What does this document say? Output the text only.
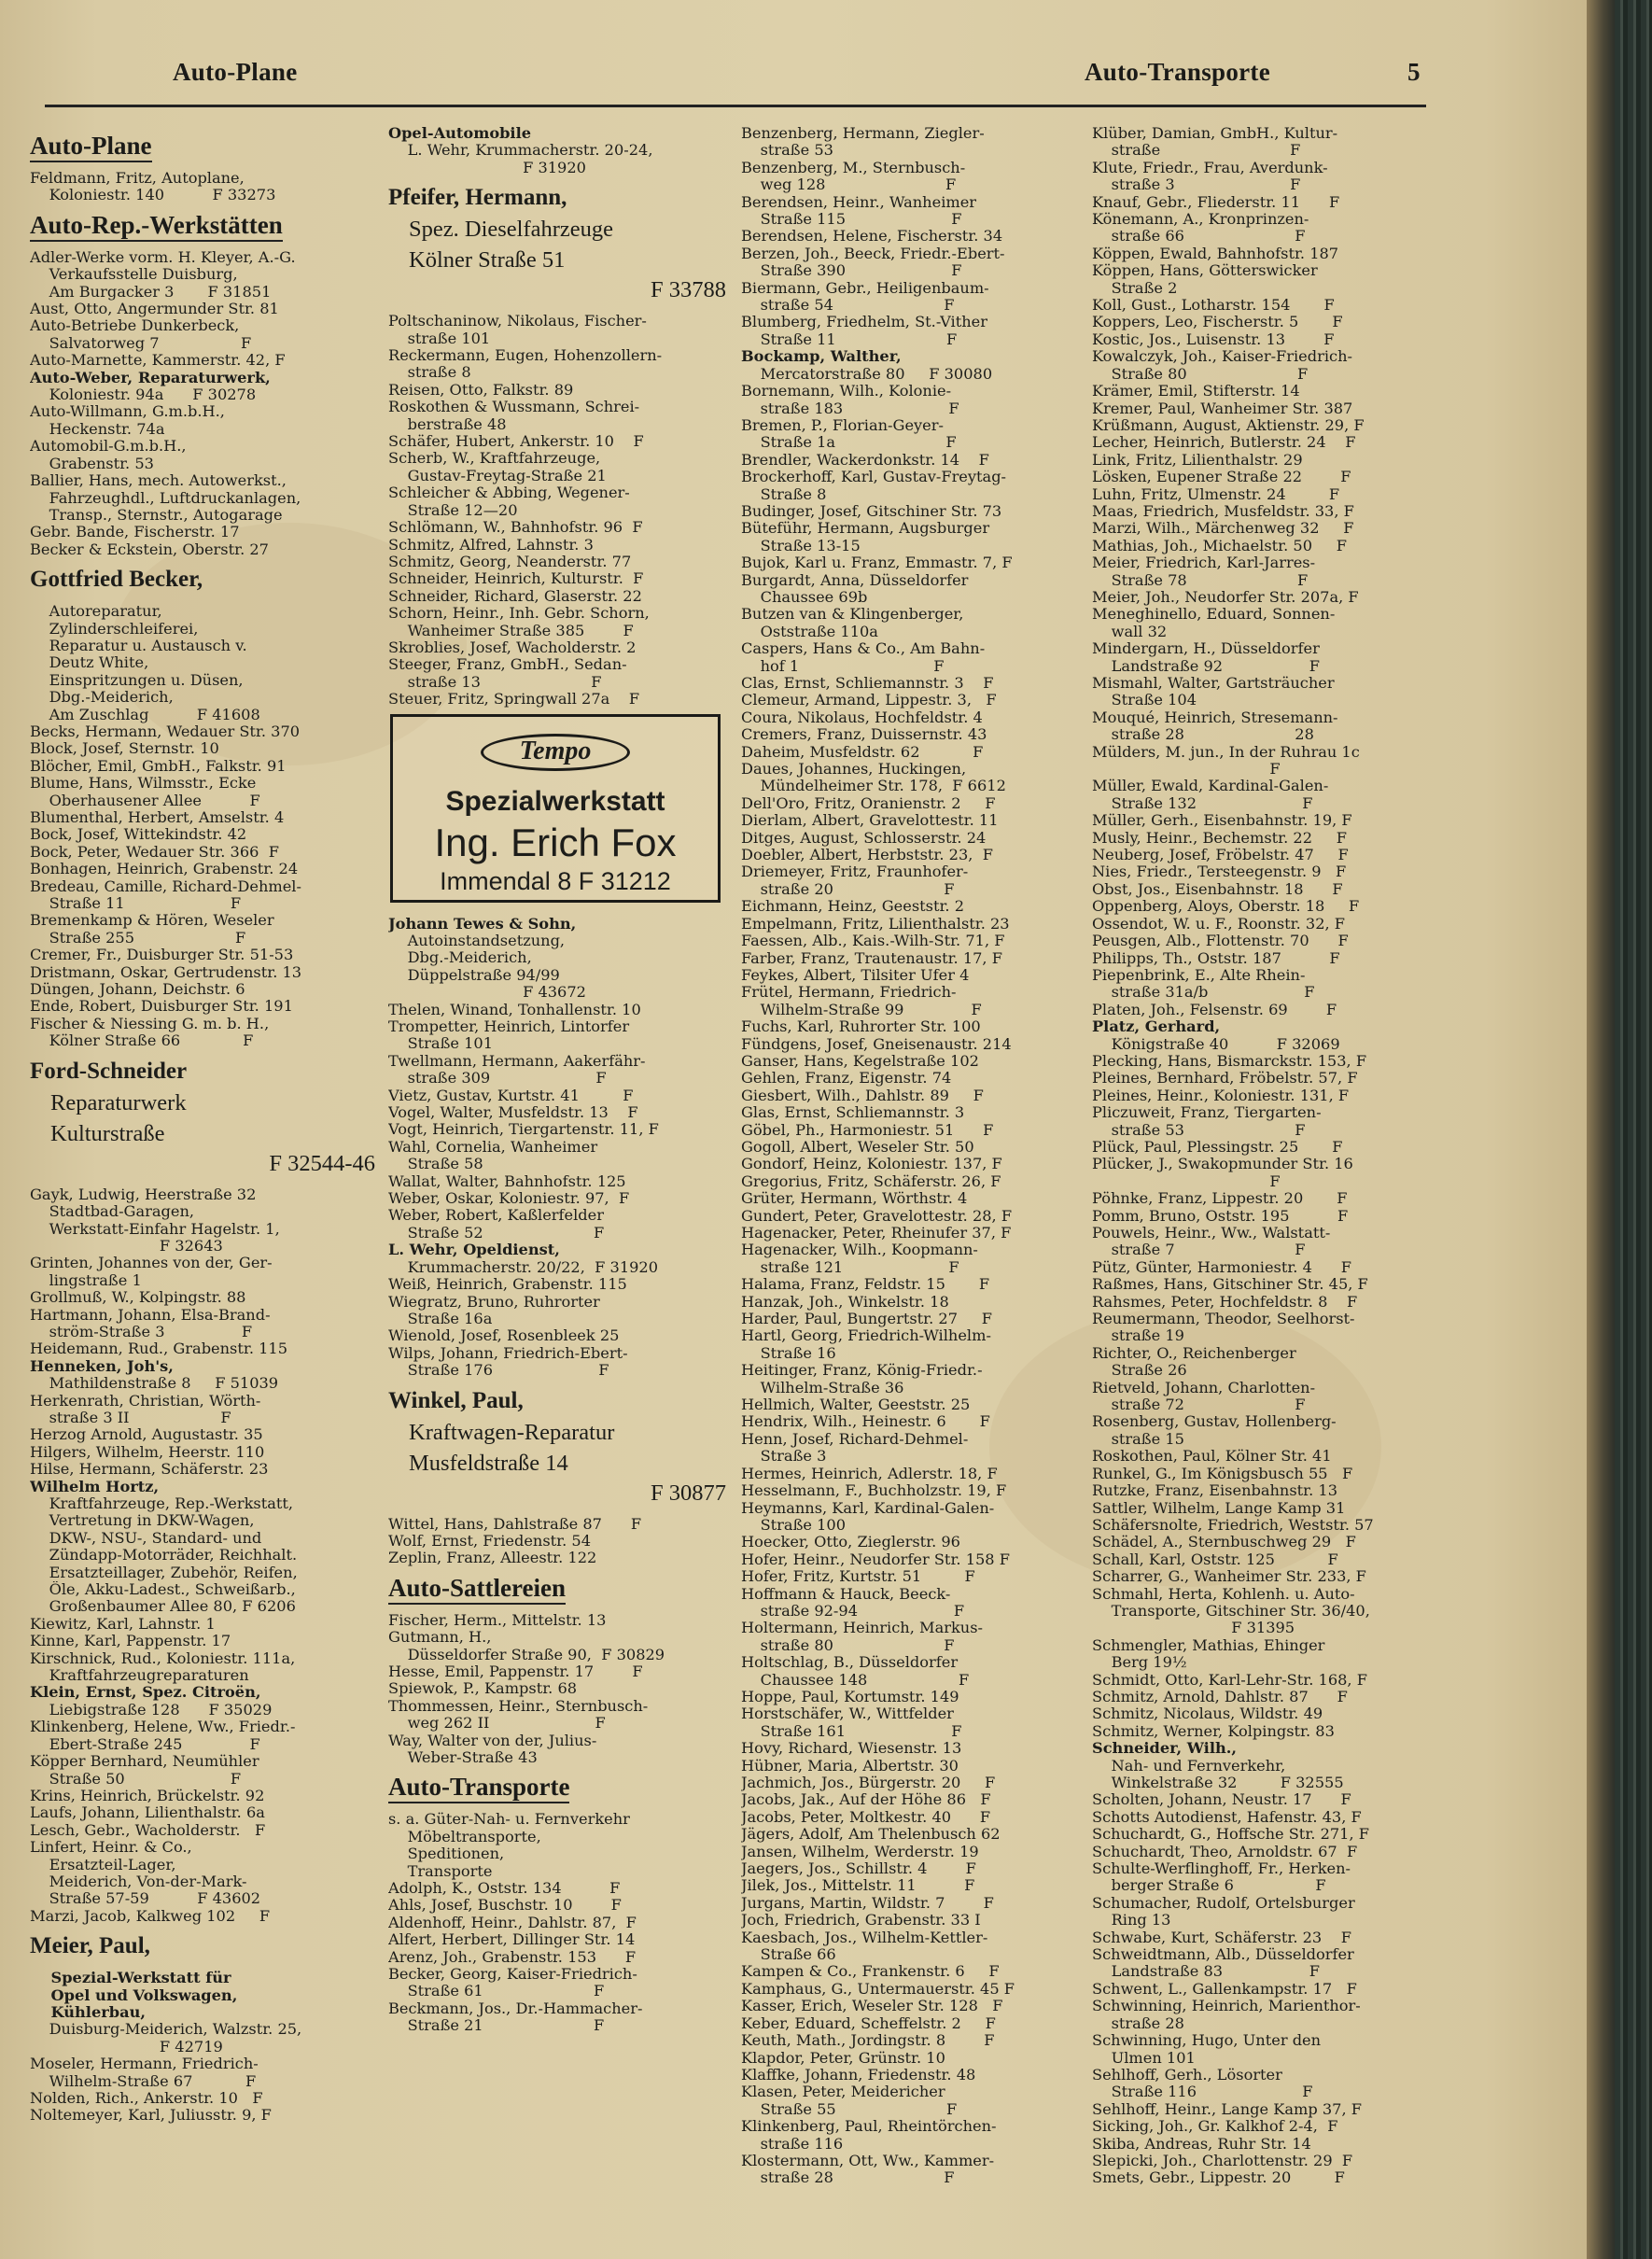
Auto-Plane	Auto-Transporte	5
Auto-Plane
Feldmann, Fritz, Autoplane,
Koloniestr. 140          F 33273
Auto-Rep.-Werkstätten
Adler-Werke vorm. H. Kleyer, A.-G.
Verkaufsstelle Duisburg,
Am Burgacker 3       F 31851
Aust, Otto, Angermunder Str. 81
Auto-Betriebe Dunkerbeck,
Salvatorweg 7                 F
Auto-Marnette, Kammerstr. 42, F
Auto-Weber, Reparaturwerk,
Koloniestr. 94a      F 30278
Auto-Willmann, G.m.b.H.,
Heckenstr. 74a
Automobil-G.m.b.H.,
Grabenstr. 53
Ballier, Hans, mech. Autowerkst.,
Fahrzeughdl., Luftdruckanlagen,
Transp., Sternstr., Autogarage
Gebr. Bande, Fischerstr. 17
Becker & Eckstein, Oberstr. 27
Gottfried Becker,
Autoreparatur,
Zylinderschleiferei,
Reparatur u. Austausch v.
Deutz White,
Einspritzungen u. Düsen,
Dbg.-Meiderich,
Am Zuschlag          F 41608
Becks, Hermann, Wedauer Str. 370
Block, Josef, Sternstr. 10
Blöcher, Emil, GmbH., Falkstr. 91
Blume, Hans, Wilmsstr., Ecke
Oberhausener Allee          F
Blumenthal, Herbert, Amselstr. 4
Bock, Josef, Wittekindstr. 42
Bock, Peter, Wedauer Str. 366  F
Bonhagen, Heinrich, Grabenstr. 24
Bredeau, Camille, Richard-Dehmel-
Straße 11                      F
Bremenkamp & Hören, Weseler
Straße 255                     F
Cremer, Fr., Duisburger Str. 51-53
Dristmann, Oskar, Gertrudenstr. 13
Düngen, Johann, Deichstr. 6
Ende, Robert, Duisburger Str. 191
Fischer & Niessing G. m. b. H.,
Kölner Straße 66             F
Ford-Schneider
Reparaturwerk
Kulturstraße
F 32544-46
Gayk, Ludwig, Heerstraße 32
Stadtbad-Garagen,
Werkstatt-Einfahr Hagelstr. 1,
F 32643
Grinten, Johannes von der, Ger-
lingstraße 1
Grollmuß, W., Kolpingstr. 88
Hartmann, Johann, Elsa-Brand-
ström-Straße 3                F
Heidemann, Rud., Grabenstr. 115
Henneken, Joh's,
Mathildenstraße 8     F 51039
Herkenrath, Christian, Wörth-
straße 3 II                   F
Herzog Arnold, Augustastr. 35
Hilgers, Wilhelm, Heerstr. 110
Hilse, Hermann, Schäferstr. 23
Wilhelm Hortz,
Kraftfahrzeuge, Rep.-Werkstatt,
Vertretung in DKW-Wagen,
DKW-, NSU-, Standard- und
Zündapp-Motorräder, Reichhalt.
Ersatzteillager, Zubehör, Reifen,
Öle, Akku-Ladest., Schweißarb.,
Großenbaumer Allee 80, F 6206
Kiewitz, Karl, Lahnstr. 1
Kinne, Karl, Pappenstr. 17
Kirschnick, Rud., Koloniestr. 111a,
Kraftfahrzeugreparaturen
Klein, Ernst, Spez. Citroën,
Liebigstraße 128      F 35029
Klinkenberg, Helene, Ww., Friedr.-
Ebert-Straße 245              F
Köpper Bernhard, Neumühler
Straße 50                      F
Krins, Heinrich, Brückelstr. 92
Laufs, Johann, Lilienthalstr. 6a
Lesch, Gebr., Wacholderstr.   F
Linfert, Heinr. & Co.,
Ersatzteil-Lager,
Meiderich, Von-der-Mark-
Straße 57-59          F 43602
Marzi, Jacob, Kalkweg 102     F
Meier, Paul,
Spezial-Werkstatt für
Opel und Volkswagen,
Kühlerbau,
Duisburg-Meiderich, Walzstr. 25,
F 42719
Moseler, Hermann, Friedrich-
Wilhelm-Straße 67           F
Nolden, Rich., Ankerstr. 10   F
Noltemeyer, Karl, Juliusstr. 9, F
Opel-Automobile
L. Wehr, Krummacherstr. 20-24,
F 31920
Pfeifer, Hermann,
Spez. Dieselfahrzeuge
Kölner Straße 51
F 33788
Poltschaninow, Nikolaus, Fischer-
straße 101
Reckermann, Eugen, Hohenzollern-
straße 8
Reisen, Otto, Falkstr. 89
Roskothen & Wussmann, Schrei-
berstraße 48
Schäfer, Hubert, Ankerstr. 10    F
Scherb, W., Kraftfahrzeuge,
Gustav-Freytag-Straße 21
Schleicher & Abbing, Wegener-
Straße 12—20
Schlömann, W., Bahnhofstr. 96  F
Schmitz, Alfred, Lahnstr. 3
Schmitz, Georg, Neanderstr. 77
Schneider, Heinrich, Kulturstr.  F
Schneider, Richard, Glaserstr. 22
Schorn, Heinr., Inh. Gebr. Schorn,
Wanheimer Straße 385        F
Skroblies, Josef, Wacholderstr. 2
Steeger, Franz, GmbH., Sedan-
straße 13                       F
Steuer, Fritz, Springwall 27a    F
Tempo
Spezialwerkstatt
Ing. Erich Fox
Immendal 8 F 31212
Johann Tewes & Sohn,
Autoinstandsetzung,
Dbg.-Meiderich,
Düppelstraße 94/99
F 43672
Thelen, Winand, Tonhallenstr. 10
Trompetter, Heinrich, Lintorfer
Straße 101
Twellmann, Hermann, Aakerfähr-
straße 309                      F
Vietz, Gustav, Kurtstr. 41         F
Vogel, Walter, Musfeldstr. 13    F
Vogt, Heinrich, Tiergartenstr. 11, F
Wahl, Cornelia, Wanheimer
Straße 58
Wallat, Walter, Bahnhofstr. 125
Weber, Oskar, Koloniestr. 97,  F
Weber, Robert, Kaßlerfelder
Straße 52                       F
L. Wehr, Opeldienst,
Krummacherstr. 20/22,  F 31920
Weiß, Heinrich, Grabenstr. 115
Wiegratz, Bruno, Ruhrorter
Straße 16a
Wienold, Josef, Rosenbleek 25
Wilps, Johann, Friedrich-Ebert-
Straße 176                      F
Winkel, Paul,
Kraftwagen-Reparatur
Musfeldstraße 14
F 30877
Wittel, Hans, Dahlstraße 87      F
Wolf, Ernst, Friedenstr. 54
Zeplin, Franz, Alleestr. 122
Auto-Sattlereien
Fischer, Herm., Mittelstr. 13
Gutmann, H.,
Düsseldorfer Straße 90,  F 30829
Hesse, Emil, Pappenstr. 17        F
Spiewok, P., Kampstr. 68
Thommessen, Heinr., Sternbusch-
weg 262 II                      F
Way, Walter von der, Julius-
Weber-Straße 43
Auto-Transporte
s. a. Güter-Nah- u. Fernverkehr
Möbeltransporte,
Speditionen,
Transporte
Adolph, K., Oststr. 134          F
Ahls, Josef, Buschstr. 10        F
Aldenhoff, Heinr., Dahlstr. 87,  F
Alfert, Herbert, Dillinger Str. 14
Arenz, Joh., Grabenstr. 153      F
Becker, Georg, Kaiser-Friedrich-
Straße 61                       F
Beckmann, Jos., Dr.-Hammacher-
Straße 21                       F
Benzenberg, Hermann, Ziegler-
straße 53
Benzenberg, M., Sternbusch-
weg 128                         F
Berendsen, Heinr., Wanheimer
Straße 115                      F
Berendsen, Helene, Fischerstr. 34
Berzen, Joh., Beeck, Friedr.-Ebert-
Straße 390                      F
Biermann, Gebr., Heiligenbaum-
straße 54                       F
Blumberg, Friedhelm, St.-Vither
Straße 11                       F
Bockamp, Walther,
Mercatorstraße 80     F 30080
Bornemann, Wilh., Kolonie-
straße 183                      F
Bremen, P., Florian-Geyer-
Straße 1a                       F
Brendler, Wackerdonkstr. 14    F
Brockerhoff, Karl, Gustav-Freytag-
Straße 8
Budinger, Josef, Gitschiner Str. 73
Büteführ, Hermann, Augsburger
Straße 13-15
Bujok, Karl u. Franz, Emmastr. 7, F
Burgardt, Anna, Düsseldorfer
Chaussee 69b
Butzen van & Klingenberger,
Oststraße 110a
Caspers, Hans & Co., Am Bahn-
hof 1                            F
Clas, Ernst, Schliemannstr. 3    F
Clemeur, Armand, Lippestr. 3,   F
Coura, Nikolaus, Hochfeldstr. 4
Cremers, Franz, Duissernstr. 43
Daheim, Musfeldstr. 62           F
Daues, Johannes, Huckingen,
Mündelheimer Str. 178,  F 6612
Dell'Oro, Fritz, Oranienstr. 2     F
Dierlam, Albert, Gravelottestr. 11
Ditges, August, Schlosserstr. 24
Doebler, Albert, Herbststr. 23,  F
Driemeyer, Fritz, Fraunhofer-
straße 20                       F
Eichmann, Heinz, Geeststr. 2
Empelmann, Fritz, Lilienthalstr. 23
Faessen, Alb., Kais.-Wilh-Str. 71, F
Farber, Franz, Trautenaustr. 17, F
Feykes, Albert, Tilsiter Ufer 4
Frütel, Hermann, Friedrich-
Wilhelm-Straße 99              F
Fuchs, Karl, Ruhrorter Str. 100
Fündgens, Josef, Gneisenaustr. 214
Ganser, Hans, Kegelstraße 102
Gehlen, Franz, Eigenstr. 74
Giesbert, Wilh., Dahlstr. 89     F
Glas, Ernst, Schliemannstr. 3
Göbel, Ph., Harmoniestr. 51      F
Gogoll, Albert, Weseler Str. 50
Gondorf, Heinz, Koloniestr. 137, F
Gregorius, Fritz, Schäferstr. 26, F
Grüter, Hermann, Wörthstr. 4
Gundert, Peter, Gravelottestr. 28, F
Hagenacker, Peter, Rheinufer 37, F
Hagenacker, Wilh., Koopmann-
straße 121                      F
Halama, Franz, Feldstr. 15       F
Hanzak, Joh., Winkelstr. 18
Harder, Paul, Bungertstr. 27     F
Hartl, Georg, Friedrich-Wilhelm-
Straße 16
Heitinger, Franz, König-Friedr.-
Wilhelm-Straße 36
Hellmich, Walter, Geeststr. 25
Hendrix, Wilh., Heinestr. 6       F
Henn, Josef, Richard-Dehmel-
Straße 3
Hermes, Heinrich, Adlerstr. 18, F
Hesselmann, F., Buchholzstr. 19, F
Heymanns, Karl, Kardinal-Galen-
Straße 100
Hoecker, Otto, Zieglerstr. 96
Hofer, Heinr., Neudorfer Str. 158 F
Hofer, Fritz, Kurtstr. 51         F
Hoffmann & Hauck, Beeck-
straße 92-94                    F
Holtermann, Heinrich, Markus-
straße 80                       F
Holtschlag, B., Düsseldorfer
Chaussee 148                   F
Hoppe, Paul, Kortumstr. 149
Horstschäfer, W., Wittfelder
Straße 161                      F
Hovy, Richard, Wiesenstr. 13
Hübner, Maria, Albertstr. 30
Jachmich, Jos., Bürgerstr. 20     F
Jacobs, Jak., Auf der Höhe 86   F
Jacobs, Peter, Moltkestr. 40      F
Jägers, Adolf, Am Thelenbusch 62
Jansen, Wilhelm, Werderstr. 19
Jaegers, Jos., Schillstr. 4        F
Jilek, Jos., Mittelstr. 11          F
Jurgans, Martin, Wildstr. 7        F
Joch, Friedrich, Grabenstr. 33 I
Kaesbach, Jos., Wilhelm-Kettler-
Straße 66
Kampen & Co., Frankenstr. 6     F
Kamphaus, G., Untermauerstr. 45 F
Kasser, Erich, Weseler Str. 128   F
Keber, Eduard, Scheffelstr. 2     F
Keuth, Math., Jordingstr. 8        F
Klapdor, Peter, Grünstr. 10
Klaffke, Johann, Friedenstr. 48
Klasen, Peter, Meidericher
Straße 55                       F
Klinkenberg, Paul, Rheintörchen-
straße 116
Klostermann, Ott, Ww., Kammer-
straße 28                       F
Klüber, Damian, GmbH., Kultur-
straße                           F
Klute, Friedr., Frau, Averdunk-
straße 3                        F
Knauf, Gebr., Fliederstr. 11      F
Könemann, A., Kronprinzen-
straße 66                       F
Köppen, Ewald, Bahnhofstr. 187
Köppen, Hans, Götterswicker
Straße 2
Koll, Gust., Lotharstr. 154       F
Koppers, Leo, Fischerstr. 5       F
Kostic, Jos., Luisenstr. 13        F
Kowalczyk, Joh., Kaiser-Friedrich-
Straße 80                       F
Krämer, Emil, Stifterstr. 14
Kremer, Paul, Wanheimer Str. 387
Krüßmann, August, Aktienstr. 29, F
Lecher, Heinrich, Butlerstr. 24    F
Link, Fritz, Lilienthalstr. 29
Lösken, Eupener Straße 22        F
Luhn, Fritz, Ulmenstr. 24         F
Maas, Friedrich, Musfeldstr. 33, F
Marzi, Wilh., Märchenweg 32     F
Mathias, Joh., Michaelstr. 50     F
Meier, Friedrich, Karl-Jarres-
Straße 78                       F
Meier, Joh., Neudorfer Str. 207a, F
Meneghinello, Eduard, Sonnen-
wall 32
Mindergarn, H., Düsseldorfer
Landstraße 92                  F
Mismahl, Walter, Gartsträucher
Straße 104
Mouqué, Heinrich, Stresemann-
straße 28                       28
Mülders, M. jun., In der Ruhrau 1c
F
Müller, Ewald, Kardinal-Galen-
Straße 132                      F
Müller, Gerh., Eisenbahnstr. 19, F
Musly, Heinr., Bechemstr. 22     F
Neuberg, Josef, Fröbelstr. 47     F
Nies, Friedr., Tersteegenstr. 9   F
Obst, Jos., Eisenbahnstr. 18      F
Oppenberg, Aloys, Oberstr. 18     F
Ossendot, W. u. F., Roonstr. 32, F
Peusgen, Alb., Flottenstr. 70      F
Philipps, Th., Oststr. 187          F
Piepenbrink, E., Alte Rhein-
straße 31a/b                    F
Platen, Joh., Felsenstr. 69        F
Platz, Gerhard,
Königstraße 40          F 32069
Plecking, Hans, Bismarckstr. 153, F
Pleines, Bernhard, Fröbelstr. 57, F
Pleines, Heinr., Koloniestr. 131, F
Pliczuweit, Franz, Tiergarten-
straße 53                       F
Plück, Paul, Plessingstr. 25       F
Plücker, J., Swakopmunder Str. 16
F
Pöhnke, Franz, Lippestr. 20       F
Pomm, Bruno, Oststr. 195          F
Pouwels, Heinr., Ww., Walstatt-
straße 7                         F
Pütz, Günter, Harmoniestr. 4      F
Raßmes, Hans, Gitschiner Str. 45, F
Rahsmes, Peter, Hochfeldstr. 8    F
Reumermann, Theodor, Seelhorst-
straße 19
Richter, O., Reichenberger
Straße 26
Rietveld, Johann, Charlotten-
straße 72                       F
Rosenberg, Gustav, Hollenberg-
straße 15
Roskothen, Paul, Kölner Str. 41
Runkel, G., Im Königsbusch 55   F
Rutzke, Franz, Eisenbahnstr. 13
Sattler, Wilhelm, Lange Kamp 31
Schäfersnolte, Friedrich, Weststr. 57
Schädel, A., Sternbuschweg 29   F
Schall, Karl, Oststr. 125           F
Scharrer, G., Wanheimer Str. 233, F
Schmahl, Herta, Kohlenh. u. Auto-
Transporte, Gitschiner Str. 36/40,
F 31395
Schmengler, Mathias, Ehinger
Berg 19½
Schmidt, Otto, Karl-Lehr-Str. 168, F
Schmitz, Arnold, Dahlstr. 87      F
Schmitz, Nicolaus, Wildstr. 49
Schmitz, Werner, Kolpingstr. 83
Schneider, Wilh.,
Nah- und Fernverkehr,
Winkelstraße 32         F 32555
Scholten, Johann, Neustr. 17      F
Schotts Autodienst, Hafenstr. 43, F
Schuchardt, G., Hoffsche Str. 271, F
Schuchardt, Theo, Arnoldstr. 67  F
Schulte-Werflinghoff, Fr., Herken-
berger Straße 6                 F
Schumacher, Rudolf, Ortelsburger
Ring 13
Schwabe, Kurt, Schäferstr. 23    F
Schweidtmann, Alb., Düsseldorfer
Landstraße 83                  F
Schwent, L., Gallenkampstr. 17   F
Schwinning, Heinrich, Marienthor-
straße 28
Schwinning, Hugo, Unter den
Ulmen 101
Sehlhoff, Gerh., Lösorter
Straße 116                      F
Sehlhoff, Heinr., Lange Kamp 37, F
Sicking, Joh., Gr. Kalkhof 2-4,  F
Skiba, Andreas, Ruhr Str. 14
Slepicki, Joh., Charlottenstr. 29  F
Smets, Gebr., Lippestr. 20         F
